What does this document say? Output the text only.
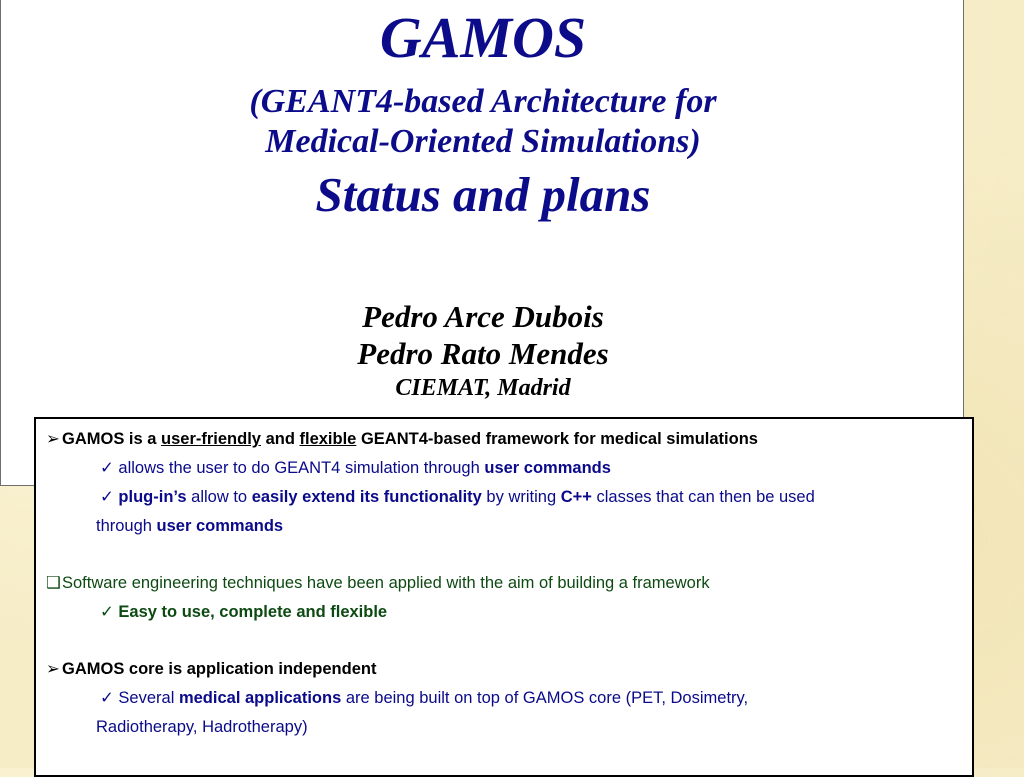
GAMOS
(GEANT4-based Architecture for
Medical-Oriented Simulations)
Status and plans
Pedro Arce Dubois
Pedro Rato Mendes
CIEMAT, Madrid
➢ GAMOS is a user-friendly and flexible GEANT4-based framework for medical simulations
✓ allows the user to do GEANT4 simulation through user commands
✓ plug-in’s allow to easily extend its functionality by writing C++ classes that can then be used
through user commands
❑Software engineering techniques have been applied with the aim of building a framework
✓ Easy to use, complete and flexible
➢ GAMOS core is application independent
✓ Several medical applications are being built on top of GAMOS core (PET, Dosimetry,
Radiotherapy, Hadrotherapy)
